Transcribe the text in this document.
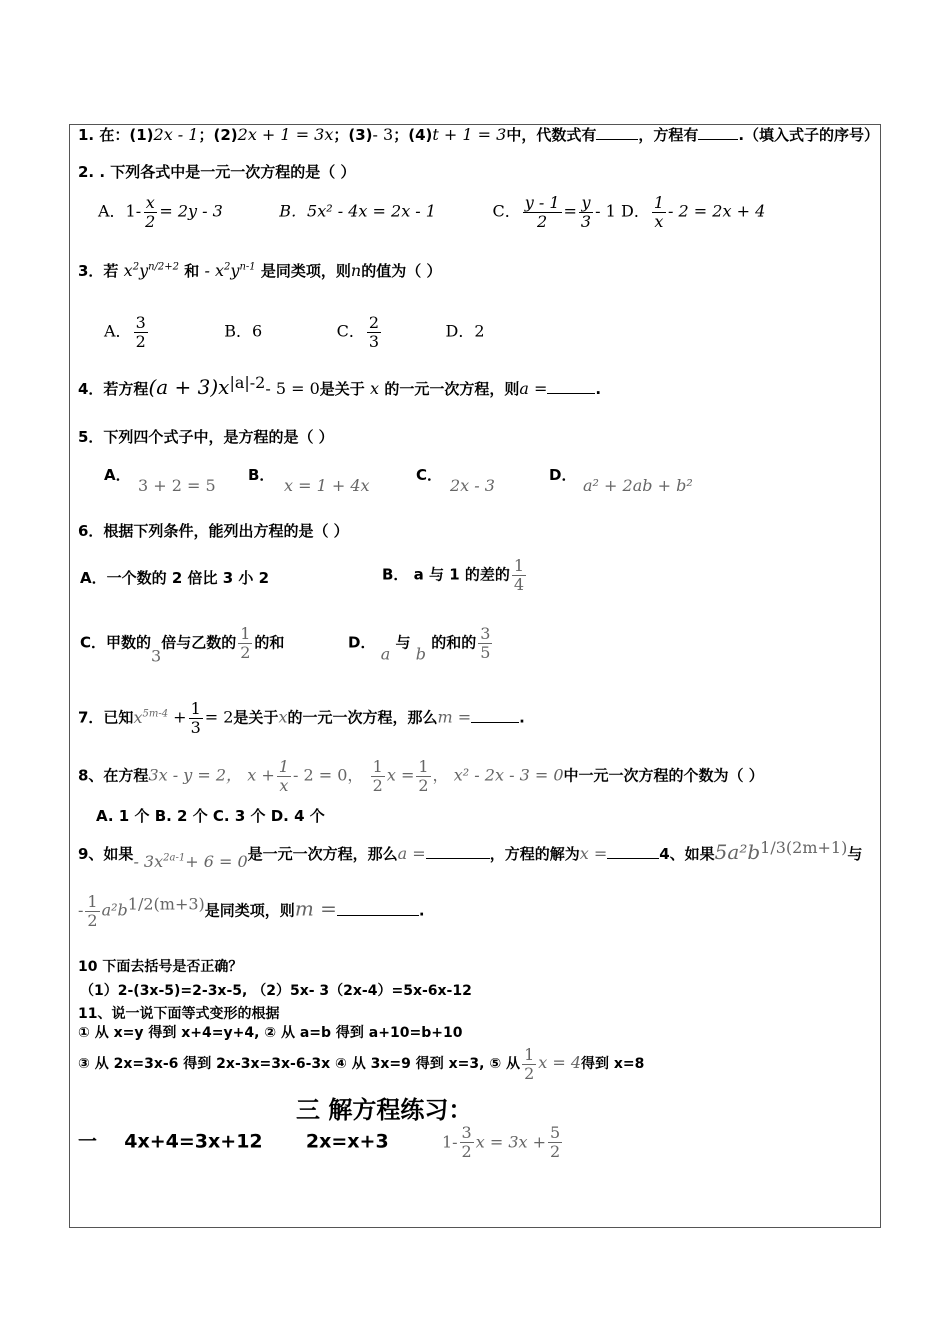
1. 在：(1)2x - 1；(2)2x + 1 = 3x；(3)- 3；(4)t + 1 = 3中，代数式有	，方程有	.（填入式子的序号）
2. . 下列各式中是一元一次方程的是（ ）
A．$1- \frac{x}{2} = 2y - 3$	B．5x² - 4x = 2x - 1	C． $\frac{y - 1}{2} = \frac{y}{3} - 1$ D． $\frac{1}{x} - 2 = 2x + 4$
3．若 $x^2y^{n/2+2}$ 和 - $x^2y^{n-1}$ 是同类项，则n的值为（ ）
A． $\frac{3}{2}$	B．6	C． $\frac{2}{3}$	D．2
4．若方程$(a + 3)x^{|a|-2}-$ 5 = 0是关于 x 的一元一次方程，则a =	.
5．下列四个式子中，是方程的是（ ）
A．
3 + 2 = 5
B．
x = 1 + 4x
C．
2x - 3
D．
a² + 2ab + b²
6．根据下列条件，能列出方程的是（ ）
A．一个数的 2 倍比 3 小 2	B． a 与 1 的差的 $\frac{1}{4}$
C．甲数的3倍与乙数的 $\frac{1}{2}$ 的和	D． a 与 b 的和的 $\frac{3}{5}$
7．已知$x^{5m-4} + \frac{1}{3} = 2$是关于x的一元一次方程，那么m =	.
8、在方程3x - y = 2， $x + \frac{1}{x} - 2 = 0$， $\frac{1}{2}$ $x = \frac{1}{2}$ ， x² - 2x - 3 = 0中一元一次方程的个数为（ ）
A. 1 个 B. 2 个 C. 3 个 D. 4 个
9、如果- $3x^{2a-1}+ 6 = 0$是一元一次方程，那么a =	，方程的解为x =	4、如果$5a^2b^{1/3(2m+1)}$与
- $\frac{1}{2} a^2b^{1/2(m+3)}$是同类项，则m =	.
10 下面去括号是否正确？
（1）2-(3x-5)=2-3x-5, （2）5x- 3（2x-4）=5x-6x-12
11、说一说下面等式变形的根据
① 从 x=y 得到 x+4=y+4, ② 从 a=b 得到 a+10=b+10
③ 从 2x=3x-6 得到 2x-3x=3x-6-3x ④ 从 3x=9 得到 x=3, ⑤ 从 $\frac{1}{2}$ x = 4得到 x=8
三 解方程练习：
一 4x+4=3x+12 2x=x+3	$1- \frac{3}{2}$ $x = 3x + \frac{5}{2}$
